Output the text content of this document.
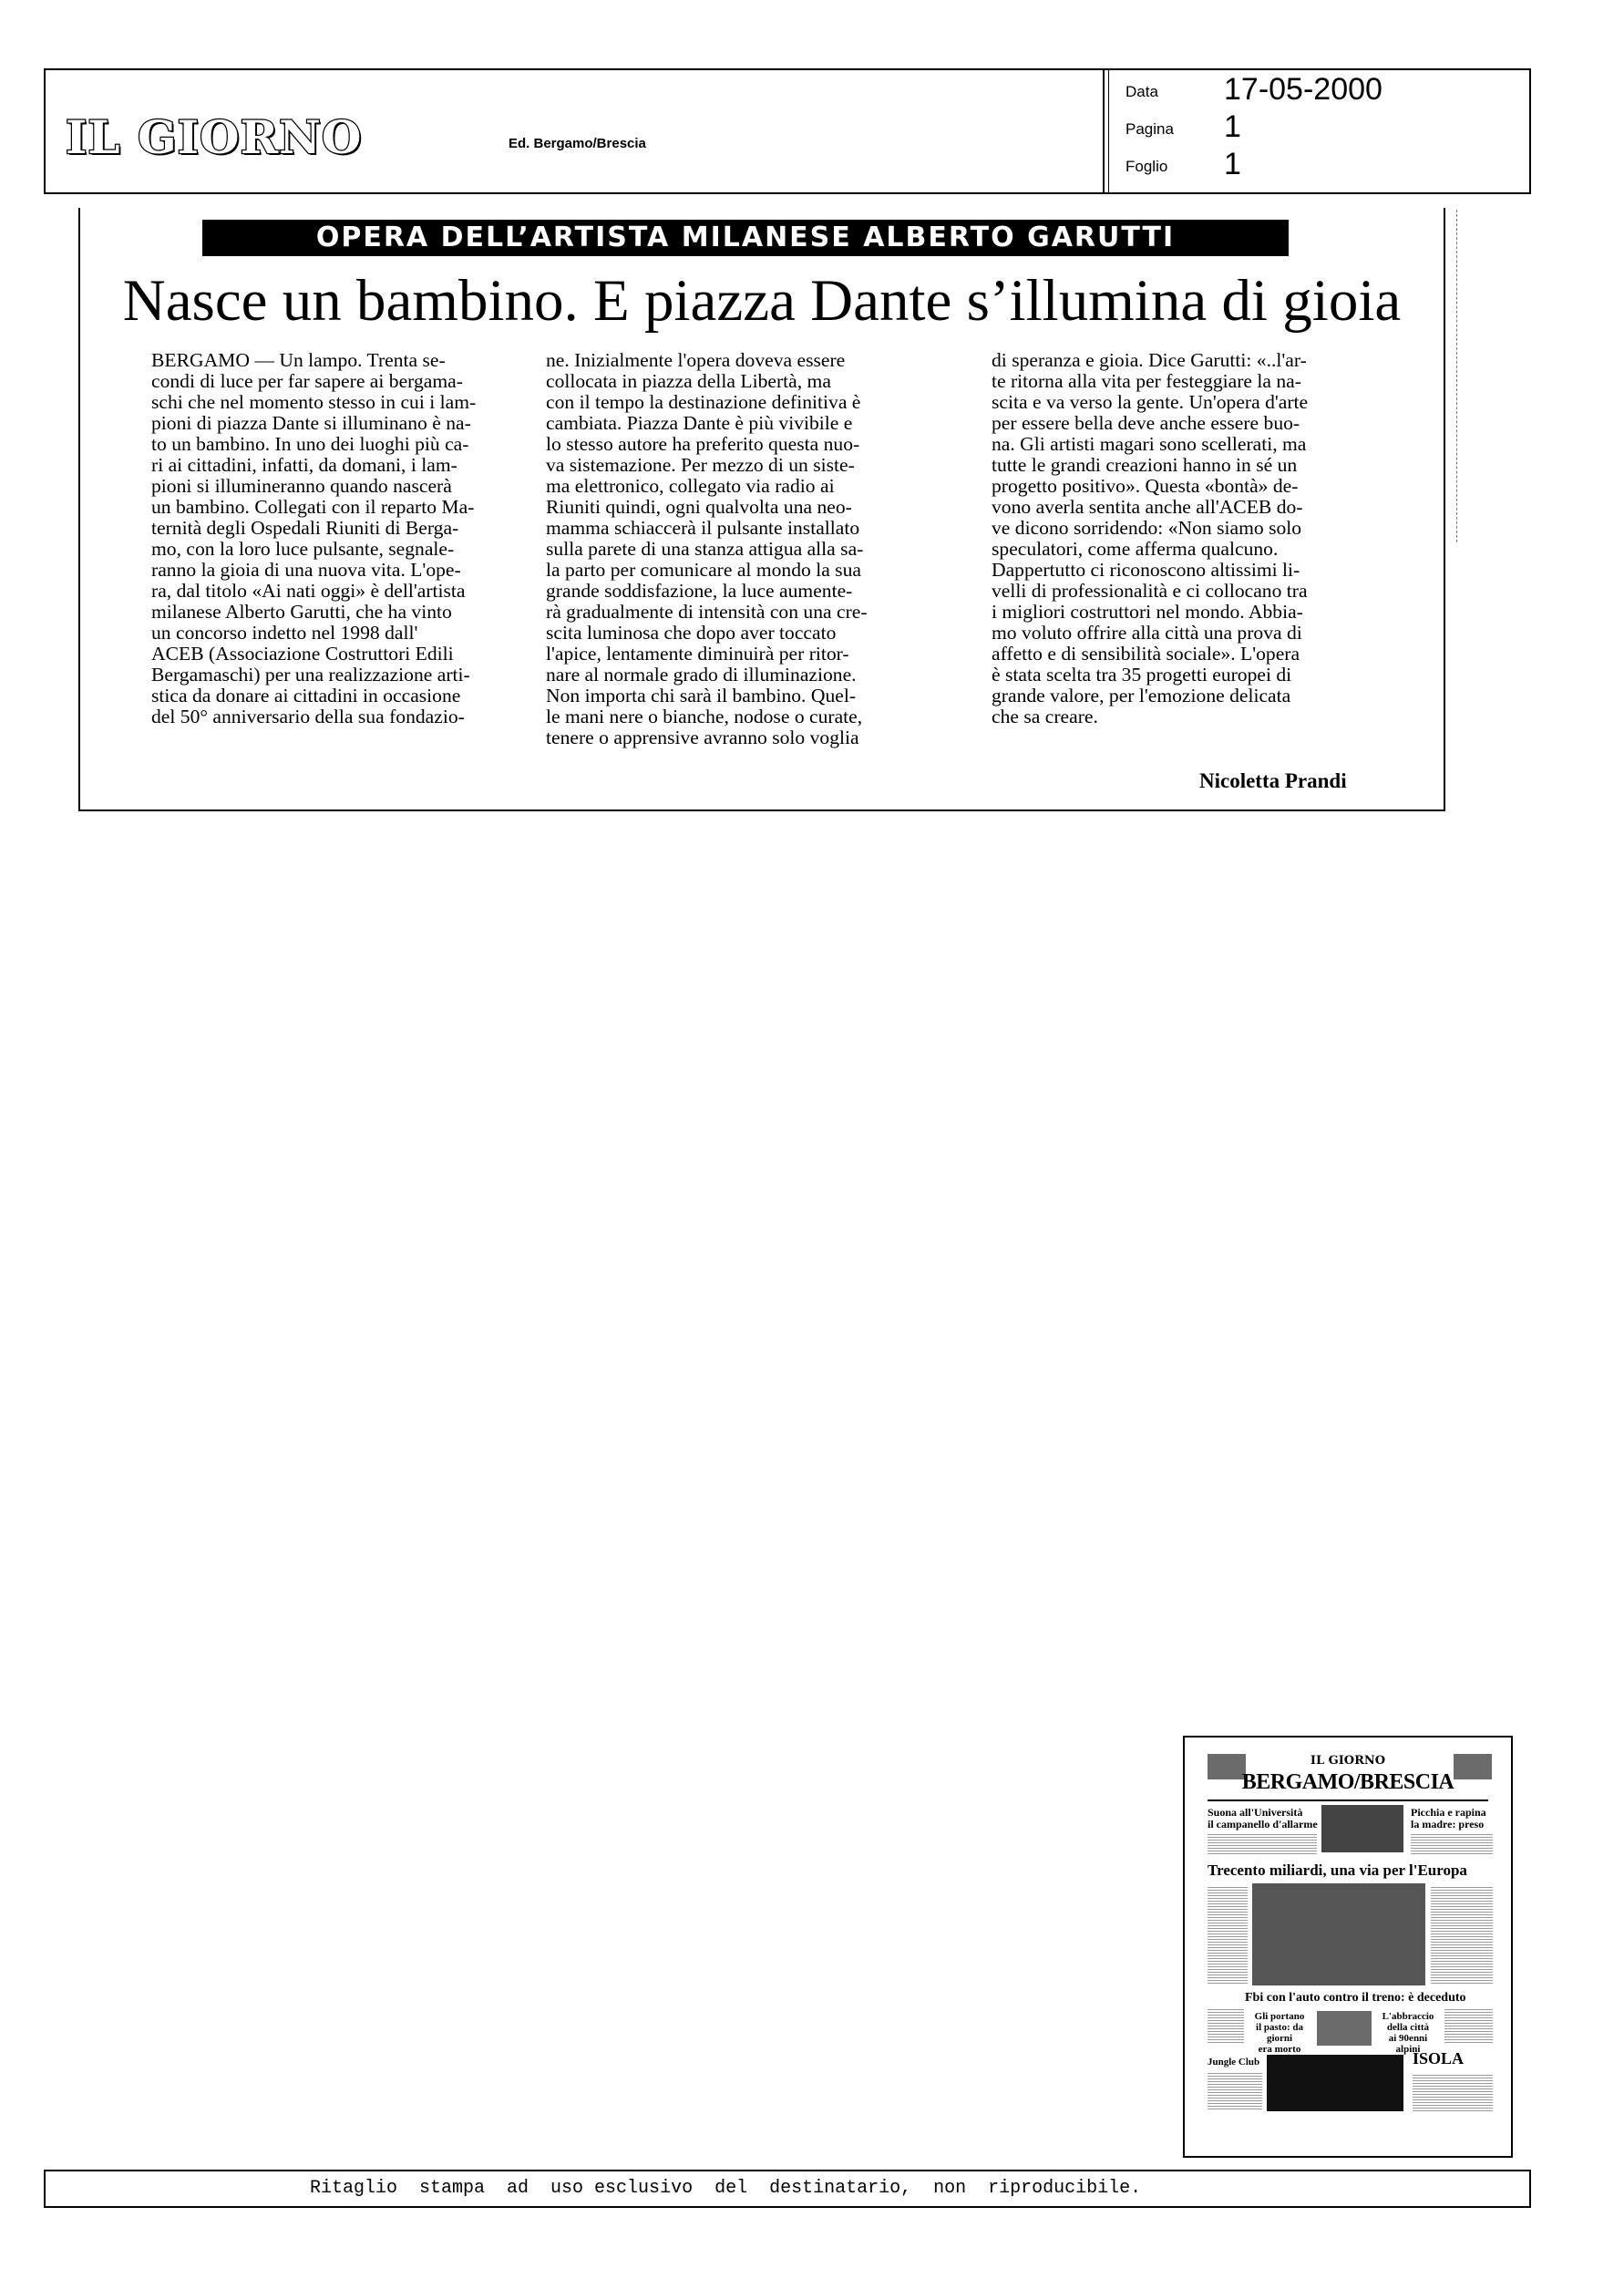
IL GIORNO	Ed. Bergamo/Brescia
Data 17-05-2000
Pagina 1
Foglio 1
OPERA DELL’ARTISTA MILANESE ALBERTO GARUTTI
Nasce un bambino. E piazza Dante s’illumina di gioia
BERGAMO — Un lampo. Trenta se-
condi di luce per far sapere ai bergama-
schi che nel momento stesso in cui i lam-
pioni di piazza Dante si illuminano è na-
to un bambino. In uno dei luoghi più ca-
ri ai cittadini, infatti, da domani, i lam-
pioni si illumineranno quando nascerà
un bambino. Collegati con il reparto Ma-
ternità degli Ospedali Riuniti di Berga-
mo, con la loro luce pulsante, segnale-
ranno la gioia di una nuova vita. L'ope-
ra, dal titolo «Ai nati oggi» è dell'artista
milanese Alberto Garutti, che ha vinto
un concorso indetto nel 1998 dall'
ACEB (Associazione Costruttori Edili
Bergamaschi) per una realizzazione arti-
stica da donare ai cittadini in occasione
del 50° anniversario della sua fondazio-
ne. Inizialmente l'opera doveva essere
collocata in piazza della Libertà, ma
con il tempo la destinazione definitiva è
cambiata. Piazza Dante è più vivibile e
lo stesso autore ha preferito questa nuo-
va sistemazione. Per mezzo di un siste-
ma elettronico, collegato via radio ai
Riuniti quindi, ogni qualvolta una neo-
mamma schiaccerà il pulsante installato
sulla parete di una stanza attigua alla sa-
la parto per comunicare al mondo la sua
grande soddisfazione, la luce aumente-
rà gradualmente di intensità con una cre-
scita luminosa che dopo aver toccato
l'apice, lentamente diminuirà per ritor-
nare al normale grado di illuminazione.
Non importa chi sarà il bambino. Quel-
le mani nere o bianche, nodose o curate,
tenere o apprensive avranno solo voglia
di speranza e gioia. Dice Garutti: «..l'ar-
te ritorna alla vita per festeggiare la na-
scita e va verso la gente. Un'opera d'arte
per essere bella deve anche essere buo-
na. Gli artisti magari sono scellerati, ma
tutte le grandi creazioni hanno in sé un
progetto positivo». Questa «bontà» de-
vono averla sentita anche all'ACEB do-
ve dicono sorridendo: «Non siamo solo
speculatori, come afferma qualcuno.
Dappertutto ci riconoscono altissimi li-
velli di professionalità e ci collocano tra
i migliori costruttori nel mondo. Abbia-
mo voluto offrire alla città una prova di
affetto e di sensibilità sociale». L'opera
è stata scelta tra 35 progetti europei di
grande valore, per l'emozione delicata
che sa creare.
Nicoletta Prandi
IL GIORNO
BERGAMO/BRESCIA
Suona all'Università
il campanello d'allarme
Picchia e rapina
la madre: preso
Trecento miliardi, una via per l'Europa
Fbi con l'auto contro il treno: è deceduto
Gli portano
il pasto: da giorni
era morto
L'abbraccio
della città
ai 90enni alpini
Jungle Club	ISOLA
Ritaglio  stampa  ad  uso esclusivo  del  destinatario,  non  riproducibile.
